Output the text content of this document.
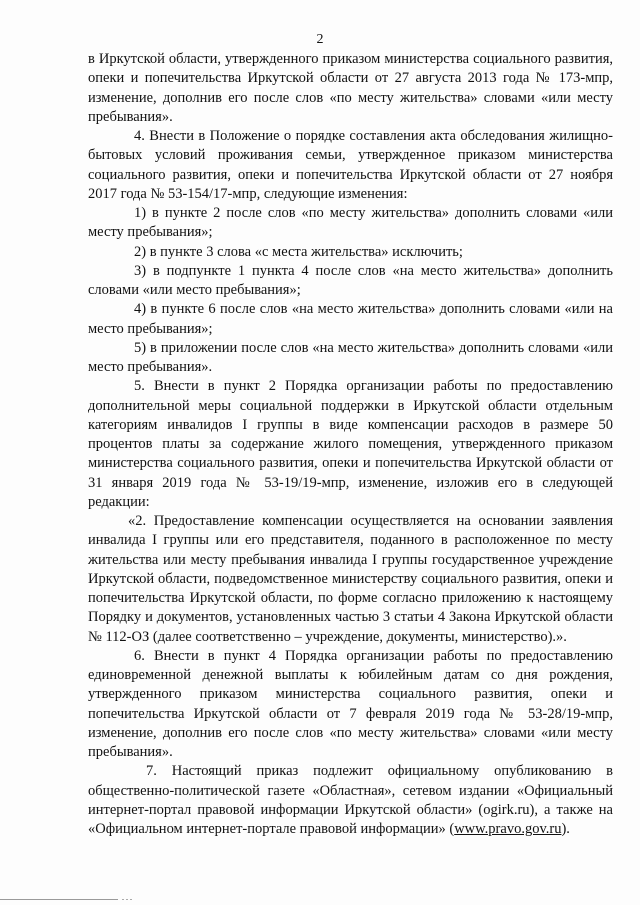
2

в Иркутской области, утвержденного приказом министерства социального развития, опеки и попечительства Иркутской области от 27 августа 2013 года № 173-мпр, изменение, дополнив его после слов «по месту жительства» словами «или месту пребывания».

4. Внести в Положение о порядке составления акта обследования жилищно-бытовых условий проживания семьи, утвержденное приказом министерства социального развития, опеки и попечительства Иркутской области от 27 ноября 2017 года № 53-154/17-мпр, следующие изменения:

1) в пункте 2 после слов «по месту жительства» дополнить словами «или месту пребывания»;

2) в пункте 3 слова «с места жительства» исключить;

3) в подпункте 1 пункта 4 после слов «на место жительства» дополнить словами «или место пребывания»;

4) в пункте 6 после слов «на место жительства» дополнить словами «или на место пребывания»;

5) в приложении после слов «на место жительства» дополнить словами «или место пребывания».

5. Внести в пункт 2 Порядка организации работы по предоставлению дополнительной меры социальной поддержки в Иркутской области отдельным категориям инвалидов I группы в виде компенсации расходов в размере 50 процентов платы за содержание жилого помещения, утвержденного приказом министерства социального развития, опеки и попечительства Иркутской области от 31 января 2019 года № 53-19/19-мпр, изменение, изложив его в следующей редакции:

«2. Предоставление компенсации осуществляется на основании заявления инвалида I группы или его представителя, поданного в расположенное по месту жительства или месту пребывания инвалида I группы государственное учреждение Иркутской области, подведомственное министерству социального развития, опеки и попечительства Иркутской области, по форме согласно приложению к настоящему Порядку и документов, установленных частью 3 статьи 4 Закона Иркутской области № 112-ОЗ (далее соответственно – учреждение, документы, министерство).».

6. Внести в пункт 4 Порядка организации работы по предоставлению единовременной денежной выплаты к юбилейным датам со дня рождения, утвержденного приказом министерства социального развития, опеки и попечительства Иркутской области от 7 февраля 2019 года № 53-28/19-мпр, изменение, дополнив его после слов «по месту жительства» словами «или месту пребывания».

7. Настоящий приказ подлежит официальному опубликованию в общественно-политической газете «Областная», сетевом издании «Официальный интернет-портал правовой информации Иркутской области» (ogirk.ru), а также на «Официальном интернет-портале правовой информации» (www.pravo.gov.ru).
